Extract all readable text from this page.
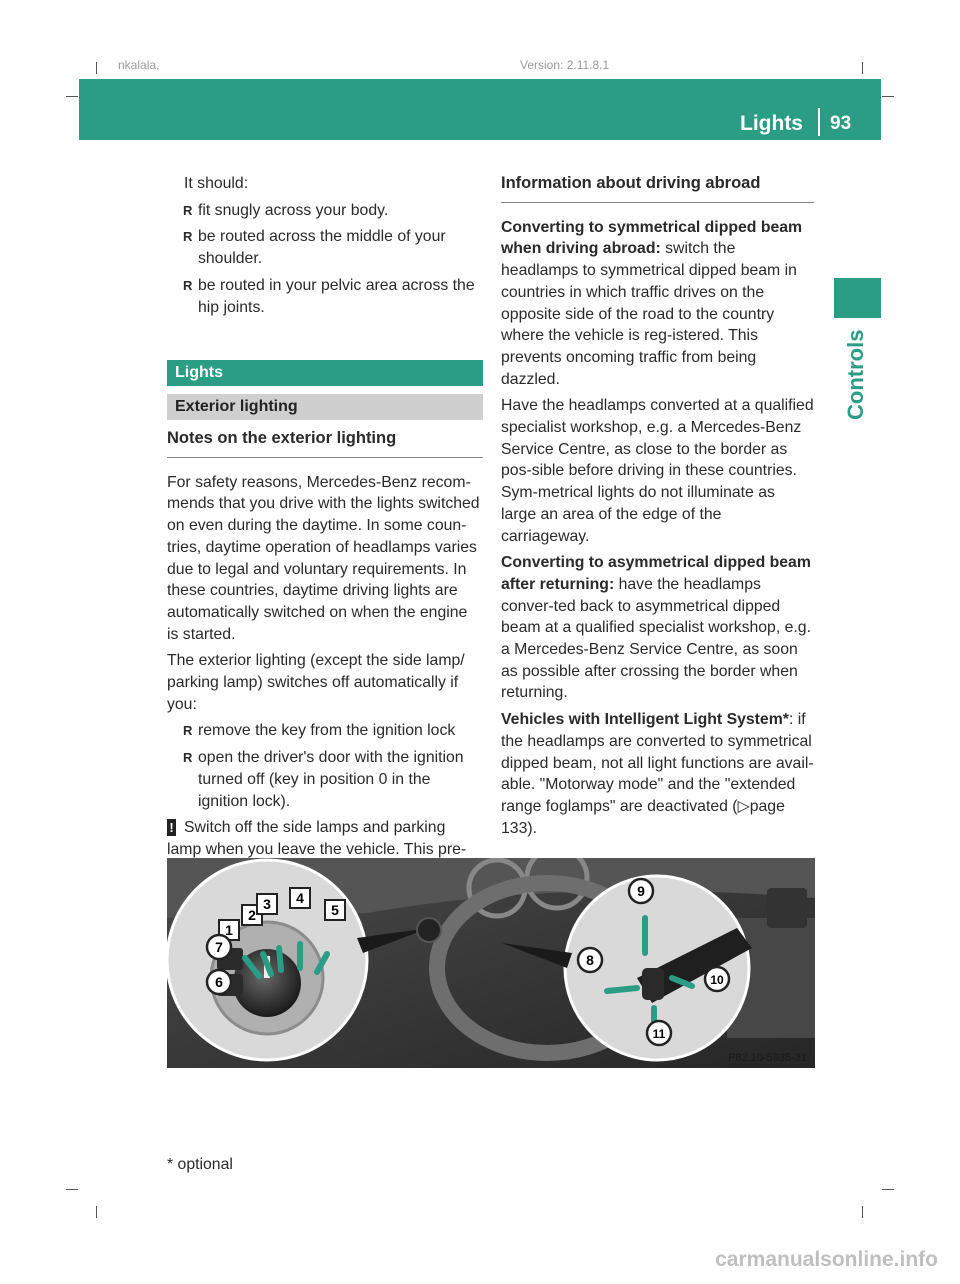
nkalala,	Version: 2.11.8.1
Lights 93
Controls

It should:

R fit snugly across your body.

R be routed across the middle of your shoulder.

R be routed in your pelvic area across the hip joints.

Lights
Exterior lighting

Notes on the exterior lighting

For safety reasons, Mercedes-Benz recom-mends that you drive with the lights switched on even during the daytime. In some coun-tries, daytime operation of headlamps varies due to legal and voluntary requirements. In these countries, daytime driving lights are automatically switched on when the engine is started.

The exterior lighting (except the side lamp/ parking lamp) switches off automatically if you:

R remove the key from the ignition lock

R open the driver's door with the ignition turned off (key in position 0 in the ignition lock).

! Switch off the side lamps and parking lamp when you leave the vehicle. This pre-

Information about driving abroad

Converting to symmetrical dipped beam when driving abroad: switch the headlamps to symmetrical dipped beam in countries in which traffic drives on the opposite side of the road to the country where the vehicle is reg-istered. This prevents oncoming traffic from being dazzled.

Have the headlamps converted at a qualified specialist workshop, e.g. a Mercedes-Benz Service Centre, as close to the border as pos-sible before driving in these countries. Sym-metrical lights do not illuminate as large an area of the edge of the carriageway.

Converting to asymmetrical dipped beam after returning: have the headlamps conver-ted back to asymmetrical dipped beam at a qualified specialist workshop, e.g. a Mercedes-Benz Service Centre, as soon as possible after crossing the border when returning.

Vehicles with Intelligent Light System*: if the headlamps are converted to symmetrical dipped beam, not all light functions are avail-able. "Motorway mode" and the "extended range foglamps" are deactivated (▷page 133).

1
2
3 4
5
6
7
8
9
10
11
P82.10-5935-31
* optional
carmanualsonline.info
